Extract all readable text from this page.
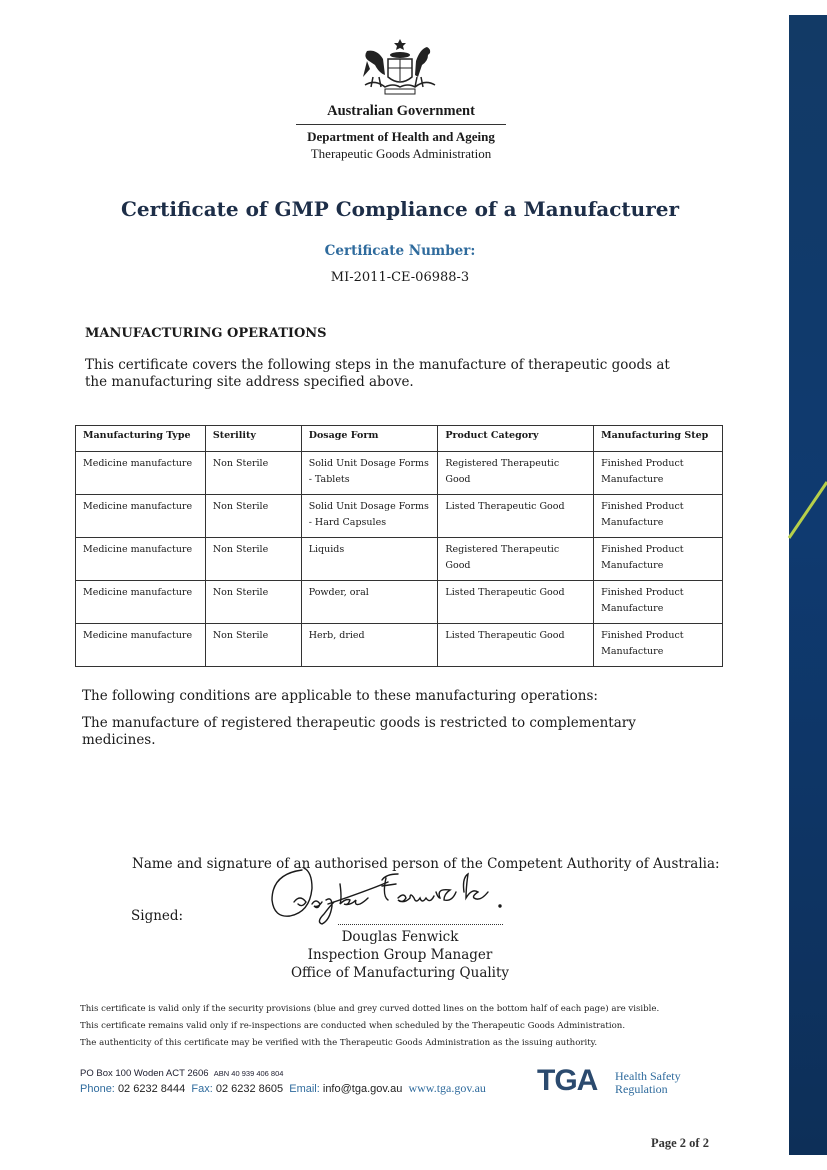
Australian Government
Department of Health and Ageing
Therapeutic Goods Administration
Certificate of GMP Compliance of a Manufacturer
Certificate Number:
MI-2011-CE-06988-3
MANUFACTURING OPERATIONS
This certificate covers the following steps in the manufacture of therapeutic goods at the manufacturing site address specified above.
Manufacturing Type	Sterility	Dosage Form	Product Category	Manufacturing Step
Medicine manufacture	Non Sterile	Solid Unit Dosage Forms - Tablets	Registered Therapeutic Good	Finished Product Manufacture
Medicine manufacture	Non Sterile	Solid Unit Dosage Forms - Hard Capsules	Listed Therapeutic Good	Finished Product Manufacture
Medicine manufacture	Non Sterile	Liquids	Registered Therapeutic Good	Finished Product Manufacture
Medicine manufacture	Non Sterile	Powder, oral	Listed Therapeutic Good	Finished Product Manufacture
Medicine manufacture	Non Sterile	Herb, dried	Listed Therapeutic Good	Finished Product Manufacture
The following conditions are applicable to these manufacturing operations:
The manufacture of registered therapeutic goods is restricted to complementary medicines.
Name and signature of an authorised person of the Competent Authority of Australia:
Signed:
Douglas Fenwick
Inspection Group Manager
Office of Manufacturing Quality
This certificate is valid only if the security provisions (blue and grey curved dotted lines on the bottom half of each page) are visible.
This certificate remains valid only if re-inspections are conducted when scheduled by the Therapeutic Goods Administration.
The authenticity of this certificate may be verified with the Therapeutic Goods Administration as the issuing authority.
PO Box 100 Woden ACT 2606 ABN 40 939 406 804
Phone: 02 6232 8444 Fax: 02 6232 8605 Email: info@tga.gov.au www.tga.gov.au TGA Health Safety
Regulation
Page 2 of 2
